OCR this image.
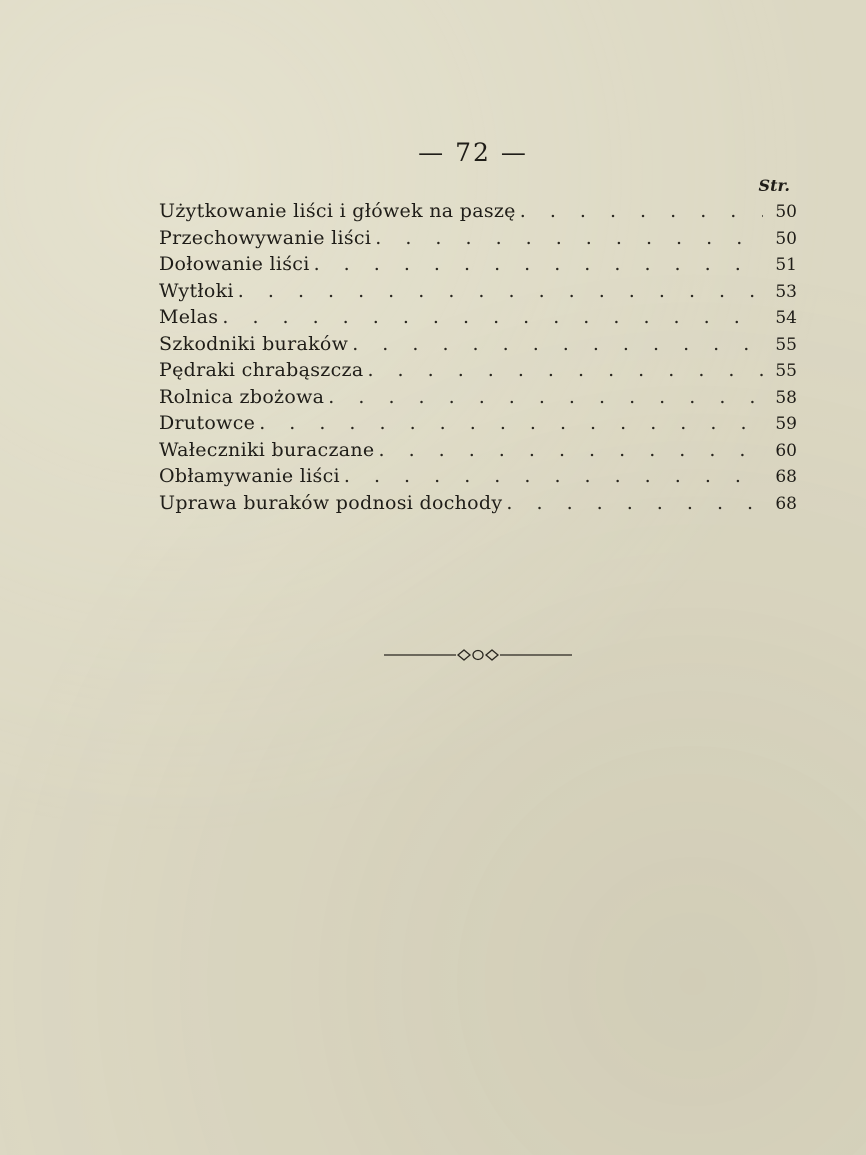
— 72 —
Str.
Użytkowanie liści i główek na paszę . . .	50
Przechowywanie liści . . .	50
Dołowanie liści . . .	51
Wytłoki . . .	53
Melas . . .	54
Szkodniki buraków . . .	55
Pędraki chrabąszcza . . .	55
Rolnica zbożowa . . .	58
Drutowce . . .	59
Wałeczniki buraczane . . .	60
Obłamywanie liści . . .	68
Uprawa buraków podnosi dochody . . .	68
